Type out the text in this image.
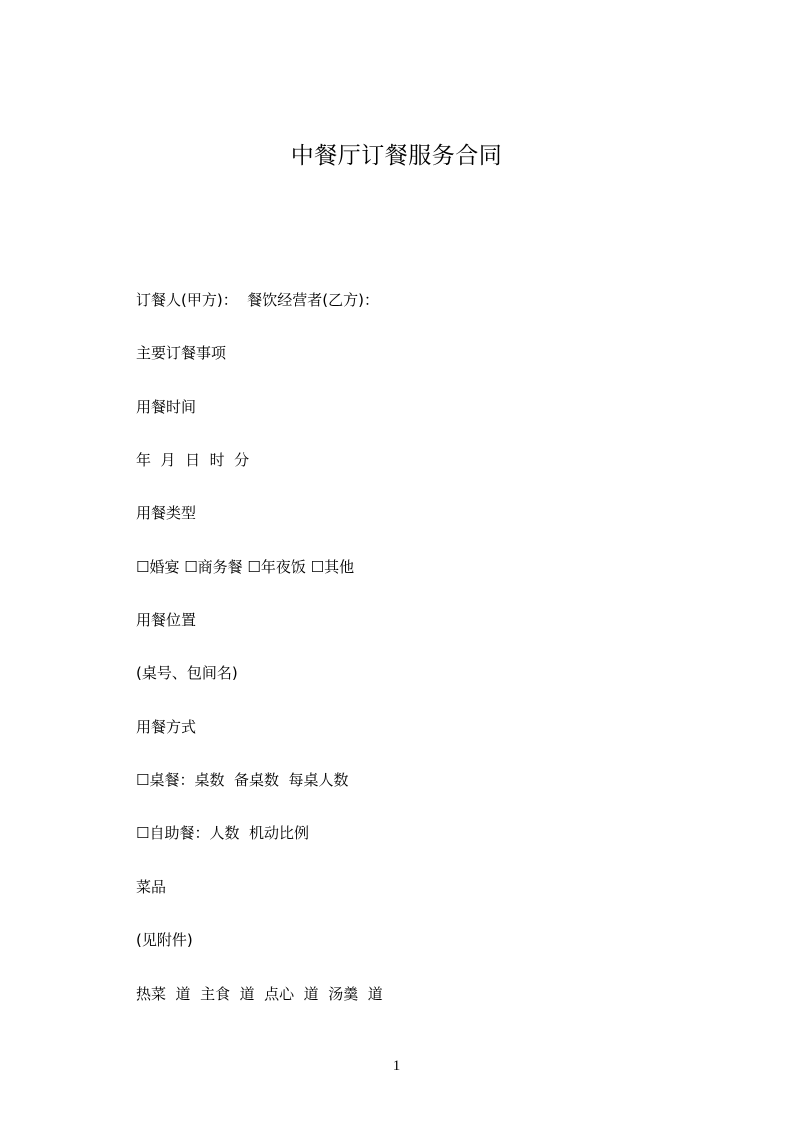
中餐厅订餐服务合同
订餐人(甲方)：  餐饮经营者(乙方)：
主要订餐事项
用餐时间
年  月  日  时  分
用餐类型
☐婚宴 ☐商务餐 ☐年夜饭 ☐其他
用餐位置
(桌号、包间名)
用餐方式
☐桌餐：桌数  备桌数  每桌人数
☐自助餐：人数  机动比例
菜品
(见附件)
热菜  道  主食  道  点心  道  汤羹  道
1
